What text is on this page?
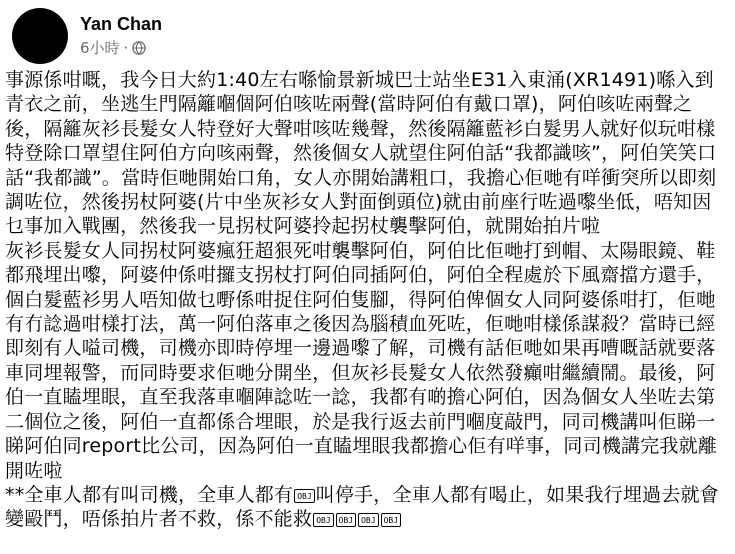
Yan Chan
6小時 ·

事源係咁嘅，我今日大約1:40左右喺愉景新城巴士站坐E31入東涌(XR1491)喺入到青衣之前，坐逃生門隔籬嗰個阿伯咳咗兩聲(當時阿伯有戴口罩)，阿伯咳咗兩聲之後，隔籬灰衫長髮女人特登好大聲咁咳咗幾聲，然後隔籬藍衫白髮男人就好似玩咁樣特登除口罩望住阿伯方向咳兩聲，然後個女人就望住阿伯話“我都識咳”，阿伯笑笑口話“我都識”。當時佢哋開始口角，女人亦開始講粗口，我擔心佢哋有咩衝突所以即刻調咗位，然後拐杖阿婆(片中坐灰衫女人對面倒頭位)就由前座行咗過嚟坐低，唔知因乜事加入戰團，然後我一見拐杖阿婆拎起拐杖襲擊阿伯，就開始拍片啦

灰衫長髮女人同拐杖阿婆瘋狂超狠死咁襲擊阿伯，阿伯比佢哋打到帽、太陽眼鏡、鞋都飛埋出嚟，阿婆仲係咁攞支拐杖打阿伯同插阿伯，阿伯全程處於下風齋擋方還手，個白髮藍衫男人唔知做乜嘢係咁捉住阿伯隻腳，得阿伯俾個女人同阿婆係咁打，佢哋有冇諗過咁樣打法，萬一阿伯落車之後因為腦積血死咗，佢哋咁樣係謀殺？當時已經即刻有人嗌司機，司機亦即時停埋一邊過嚟了解，司機有話佢哋如果再嘈嘅話就要落車同埋報警，而同時要求佢哋分開坐，但灰衫長髮女人依然發癲咁繼續鬧。最後，阿伯一直瞌埋眼，直至我落車嗰陣諗咗一諗，我都有啲擔心阿伯，因為個女人坐咗去第二個位之後，阿伯一直都係合埋眼，於是我行返去前門嗰度敲門，同司機講叫佢睇一睇阿伯同report比公司，因為阿伯一直瞌埋眼我都擔心佢有咩事，同司機講完我就離開咗啦

**全車人都有叫司機，全車人都有 OBJ 叫停手，全車人都有喝止，如果我行埋過去就會變毆鬥，唔係拍片者不救，係不能救 OBJ OBJ OBJ OBJ
